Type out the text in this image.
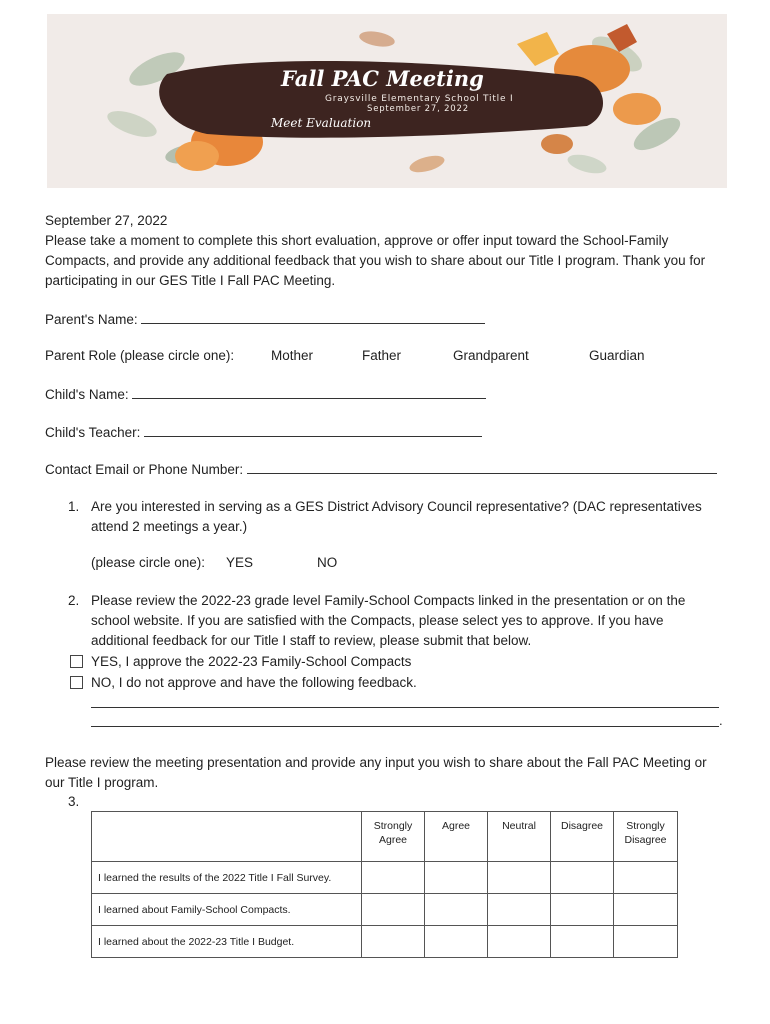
Fall PAC Meeting
Graysville Elementary School Title I
September 27, 2022
Meet Evaluation
September 27, 2022
Please take a moment to complete this short evaluation, approve or offer input toward the School-Family Compacts, and provide any additional feedback that you wish to share about our Title I program. Thank you for participating in our GES Title I Fall PAC Meeting.
Parent's Name:
Parent Role (please circle one):	Mother	Father	Grandparent	Guardian
Child's Name:
Child's Teacher:
Contact Email or Phone Number:
1. Are you interested in serving as a GES District Advisory Council representative? (DAC representatives attend 2 meetings a year.)
(please circle one): YES	NO
2. Please review the 2022-23 grade level Family-School Compacts linked in the presentation or on the school website. If you are satisfied with the Compacts, please select yes to approve. If you have additional feedback for our Title I staff to review, please submit that below.
YES, I approve the 2022-23 Family-School Compacts
NO, I do not approve and have the following feedback.
.
Please review the meeting presentation and provide any input you wish to share about the Fall PAC Meeting or our Title I program.
3.
	Strongly Agree	Agree	Neutral	Disagree	Strongly Disagree
I learned the results of the 2022 Title I Fall Survey.					
I learned about Family-School Compacts.					
I learned about the 2022-23 Title I Budget.					
